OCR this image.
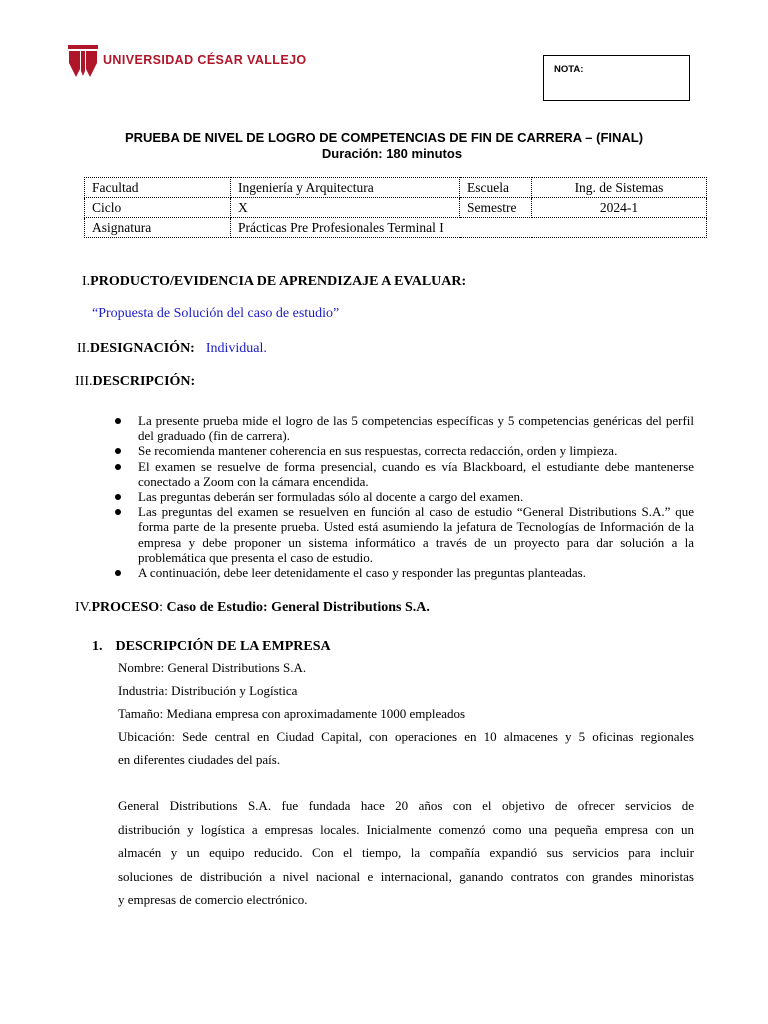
UNIVERSIDAD CÉSAR VALLEJO
NOTA:
PRUEBA DE NIVEL DE LOGRO DE COMPETENCIAS DE FIN DE CARRERA – (FINAL)
Duración: 180 minutos
Facultad	Ingeniería y Arquitectura	Escuela	Ing. de Sistemas
Ciclo	X	Semestre	2024-1
Asignatura	Prácticas Pre Profesionales Terminal I		
I.PRODUCTO/EVIDENCIA DE APRENDIZAJE A EVALUAR:
“Propuesta de Solución del caso de estudio”
II.DESIGNACIÓN: Individual.
III.DESCRIPCIÓN:
La presente prueba mide el logro de las 5 competencias específicas y 5 competencias genéricas del perfil del graduado (fin de carrera).
Se recomienda mantener coherencia en sus respuestas, correcta redacción, orden y limpieza.
El examen se resuelve de forma presencial, cuando es vía Blackboard, el estudiante debe mantenerse conectado a Zoom con la cámara encendida.
Las preguntas deberán ser formuladas sólo al docente a cargo del examen.
Las preguntas del examen se resuelven en función al caso de estudio “General Distributions S.A.” que forma parte de la presente prueba. Usted está asumiendo la jefatura de Tecnologías de Información de la empresa y debe proponer un sistema informático a través de un proyecto para dar solución a la problemática que presenta el caso de estudio.
A continuación, debe leer detenidamente el caso y responder las preguntas planteadas.
IV.PROCESO: Caso de Estudio: General Distributions S.A.
1. DESCRIPCIÓN DE LA EMPRESA
Nombre: General Distributions S.A.
Industria: Distribución y Logística
Tamaño: Mediana empresa con aproximadamente 1000 empleados
Ubicación: Sede central en Ciudad Capital, con operaciones en 10 almacenes y 5 oficinas regionales
en diferentes ciudades del país.
General Distributions S.A. fue fundada hace 20 años con el objetivo de ofrecer servicios de
distribución y logística a empresas locales. Inicialmente comenzó como una pequeña empresa con un
almacén y un equipo reducido. Con el tiempo, la compañía expandió sus servicios para incluir
soluciones de distribución a nivel nacional e internacional, ganando contratos con grandes minoristas
y empresas de comercio electrónico.
